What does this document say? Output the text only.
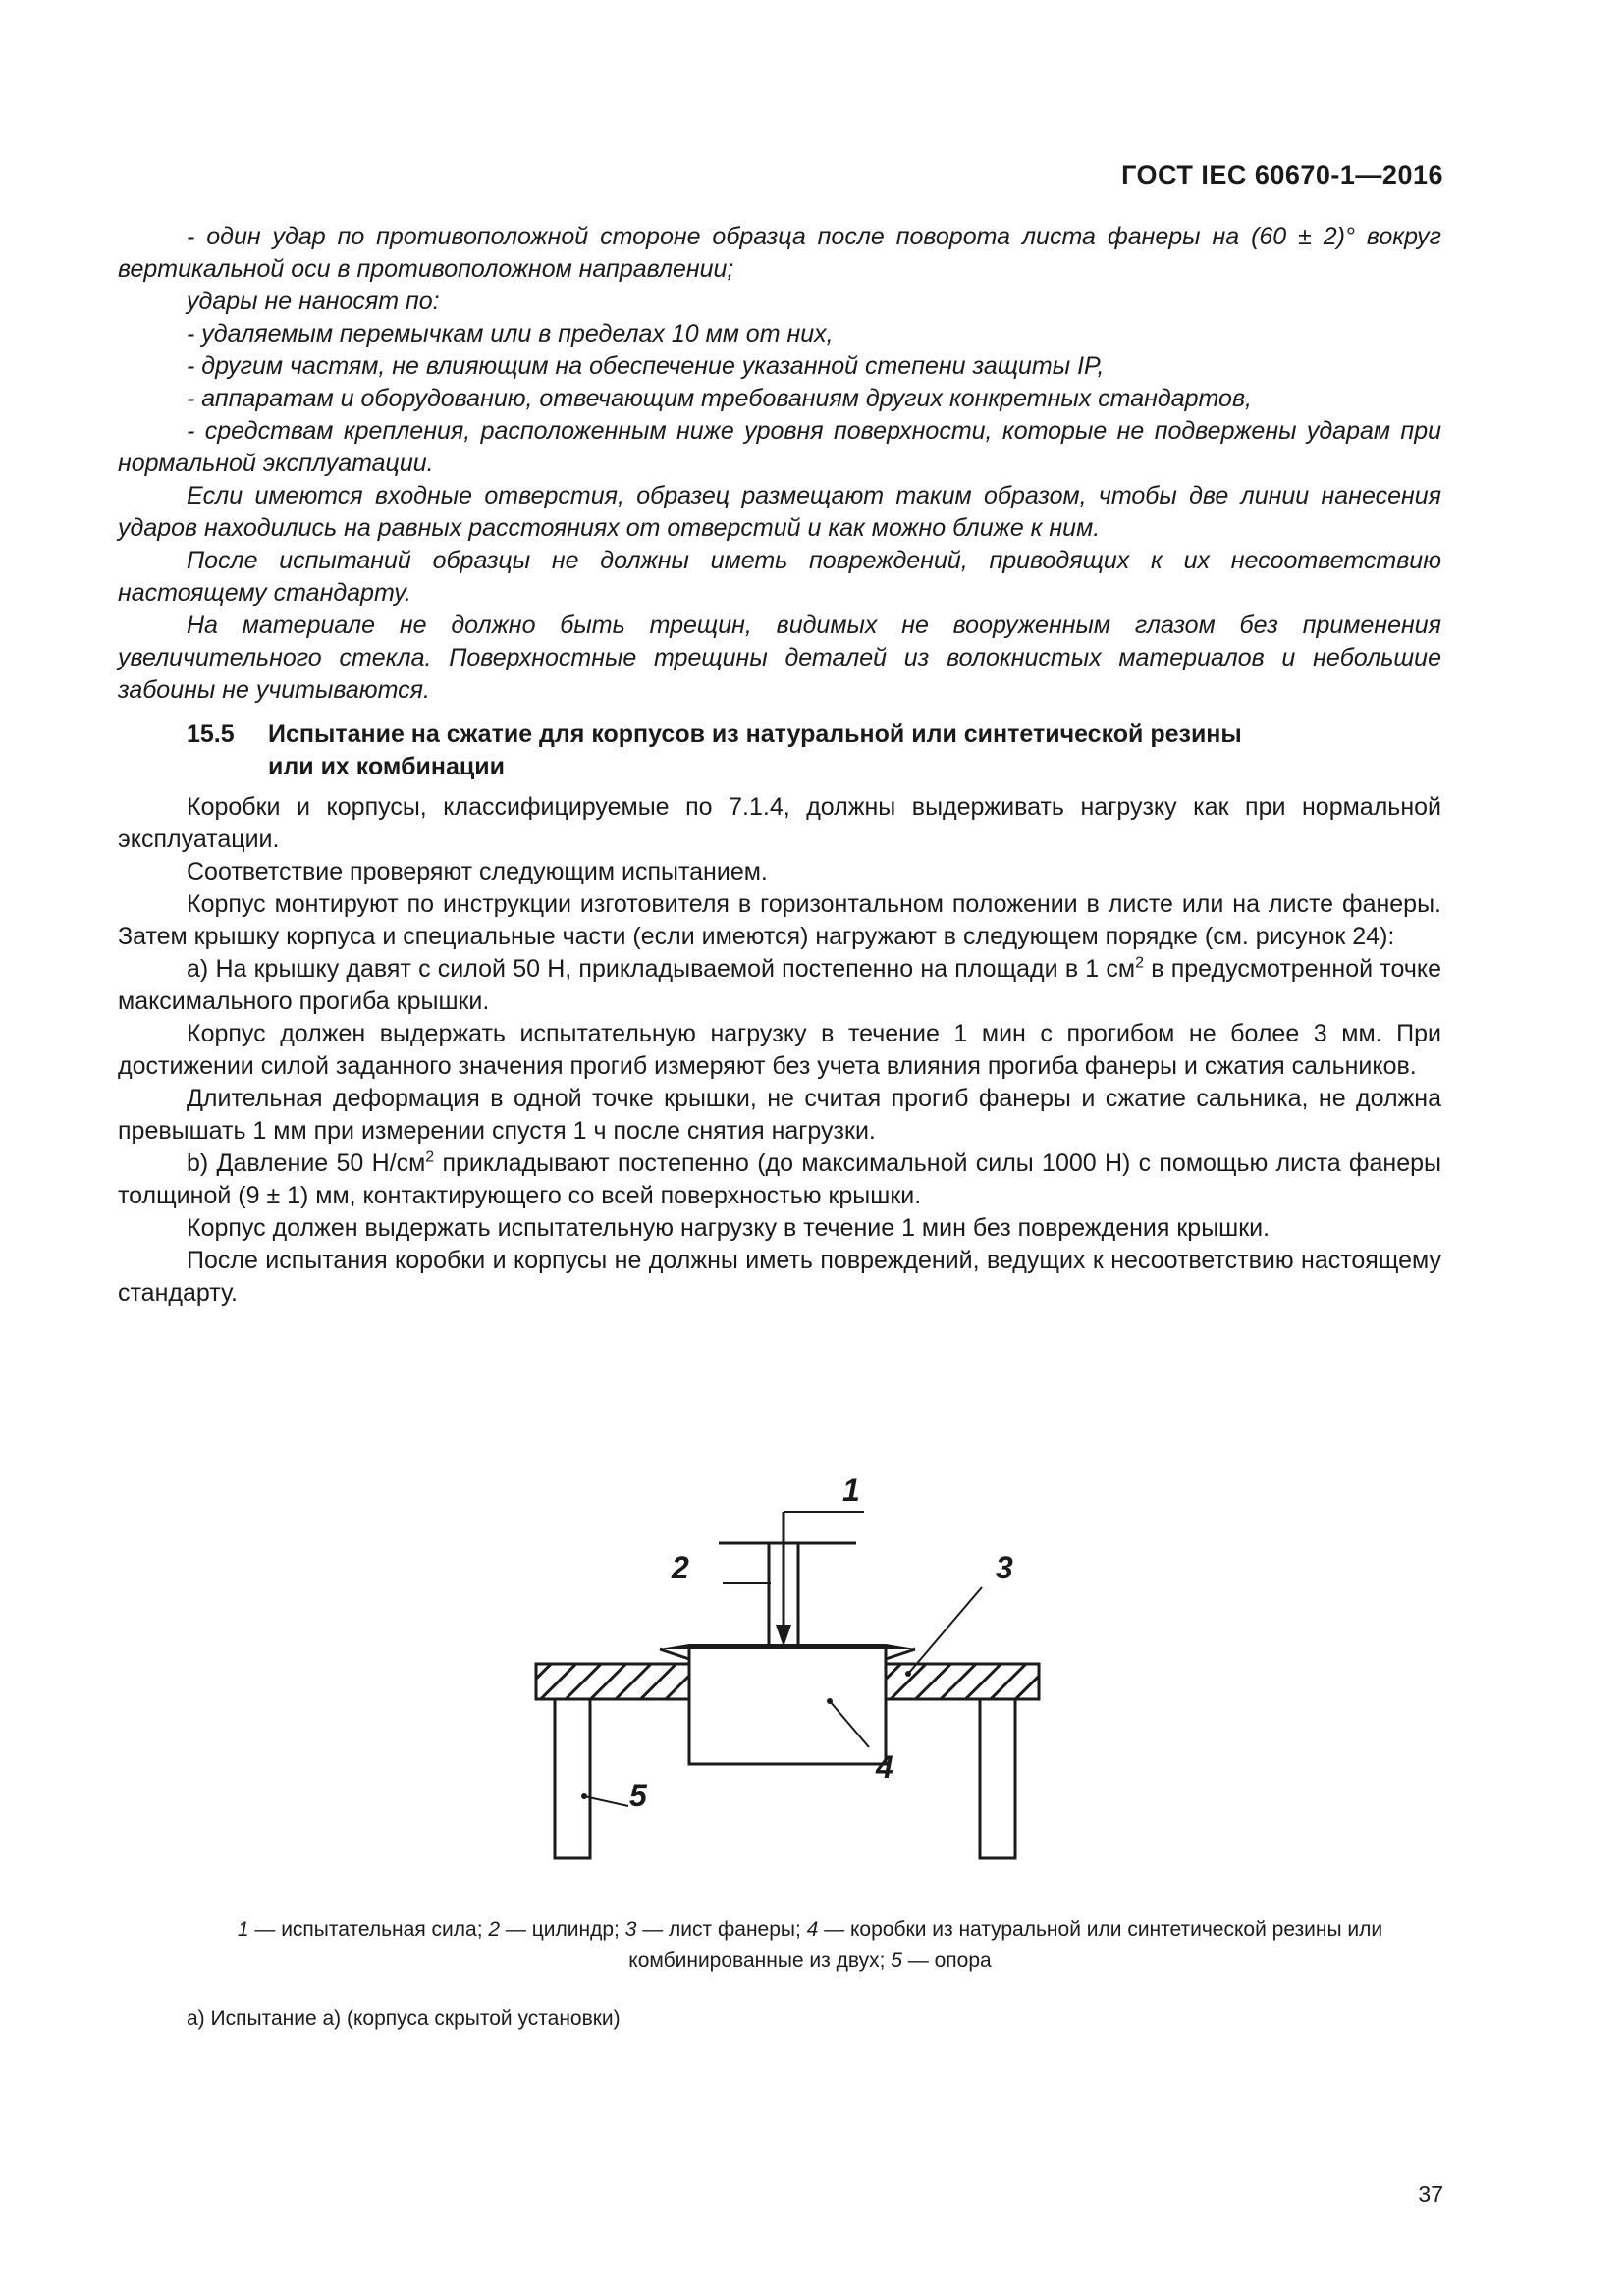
ГОСТ IEC 60670-1—2016

- один удар по противоположной стороне образца после поворота листа фанеры на (60 ± 2)° вокруг вертикальной оси в противоположном направлении;

удары не наносят по:

- удаляемым перемычкам или в пределах 10 мм от них,

- другим частям, не влияющим на обеспечение указанной степени защиты IP,

- аппаратам и оборудованию, отвечающим требованиям других конкретных стандартов,

- средствам крепления, расположенным ниже уровня поверхности, которые не подвержены ударам при нормальной эксплуатации.

Если имеются входные отверстия, образец размещают таким образом, чтобы две линии нанесения ударов находились на равных расстояниях от отверстий и как можно ближе к ним.

После испытаний образцы не должны иметь повреждений, приводящих к их несоответствию настоящему стандарту.

На материале не должно быть трещин, видимых не вооруженным глазом без применения увеличительного стекла. Поверхностные трещины деталей из волокнистых материалов и небольшие забоины не учитываются.

15.5 Испытание на сжатие для корпусов из натуральной или синтетической резины
или их комбинации

Коробки и корпусы, классифицируемые по 7.1.4, должны выдерживать нагрузку как при нормальной эксплуатации.

Соответствие проверяют следующим испытанием.

Корпус монтируют по инструкции изготовителя в горизонтальном положении в листе или на листе фанеры. Затем крышку корпуса и специальные части (если имеются) нагружают в следующем порядке (см. рисунок 24):

а) На крышку давят с силой 50 Н, прикладываемой постепенно на площади в 1 $см^2$ в предусмотренной точке максимального прогиба крышки.

Корпус должен выдержать испытательную нагрузку в течение 1 мин с прогибом не более 3 мм. При достижении силой заданного значения прогиб измеряют без учета влияния прогиба фанеры и сжатия сальников.

Длительная деформация в одной точке крышки, не считая прогиб фанеры и сжатие сальника, не должна превышать 1 мм при измерении спустя 1 ч после снятия нагрузки.

b) Давление 50 $Н/см^2$ прикладывают постепенно (до максимальной силы 1000 Н) с помощью листа фанеры толщиной (9 ± 1) мм, контактирующего со всей поверхностью крышки.

Корпус должен выдержать испытательную нагрузку в течение 1 мин без повреждения крышки.

После испытания коробки и корпусы не должны иметь повреждений, ведущих к несоответствию настоящему стандарту.

1
2	3
4
5
1 — испытательная сила; 2 — цилиндр; 3 — лист фанеры; 4 — коробки из натуральной или синтетической резины или комбинированные из двух; 5 — опора
а) Испытание а) (корпуса скрытой установки)
37
